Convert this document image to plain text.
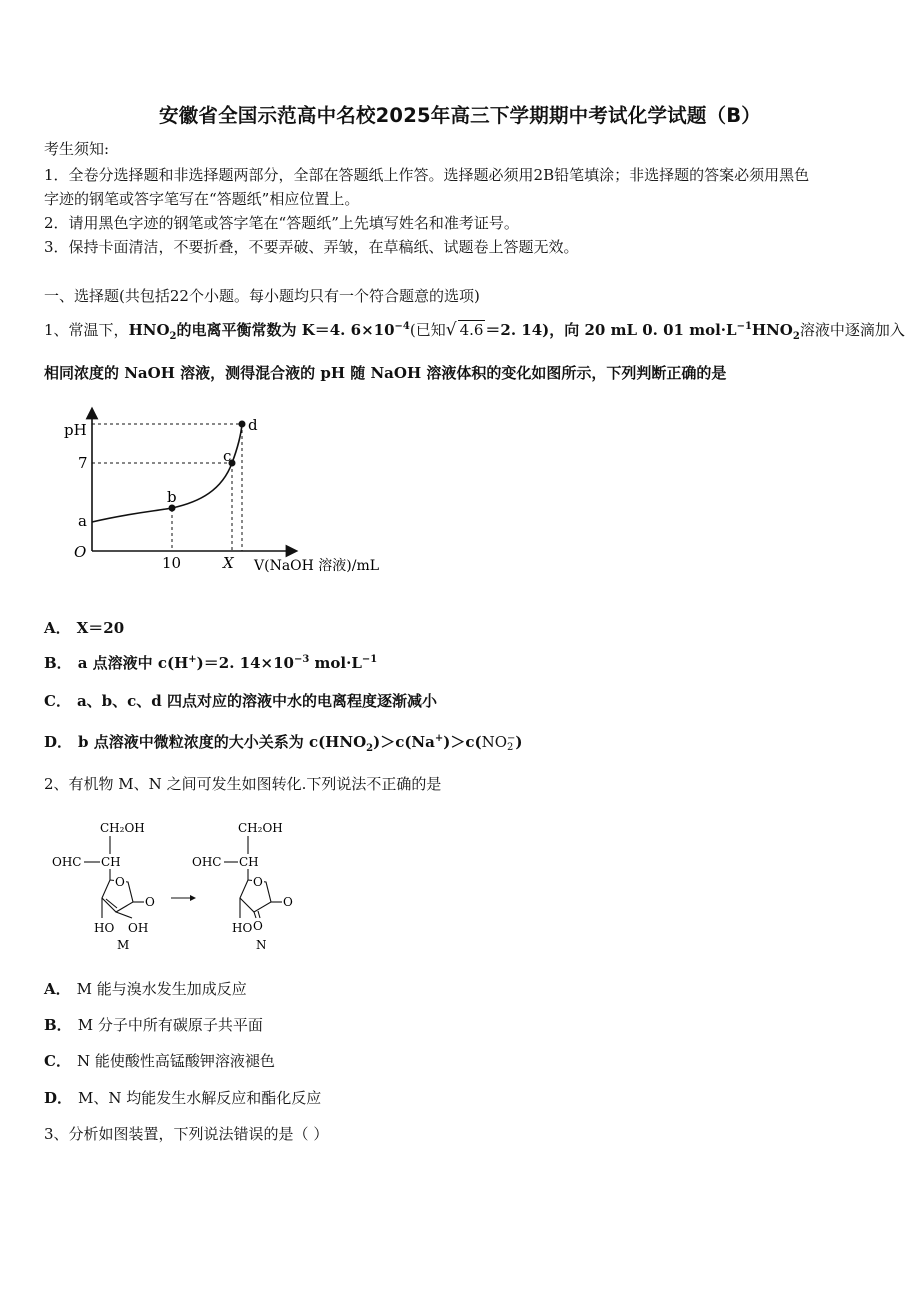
安徽省全国示范高中名校2025年高三下学期期中考试化学试题（B）
考生须知:
1．全卷分选择题和非选择题两部分，全部在答题纸上作答。选择题必须用2B铅笔填涂；非选择题的答案必须用黑色
字迹的钢笔或答字笔写在“答题纸”相应位置上。
2．请用黑色字迹的钢笔或答字笔在“答题纸”上先填写姓名和准考证号。
3．保持卡面清洁，不要折叠，不要弄破、弄皱，在草稿纸、试题卷上答题无效。
一、选择题(共包括22个小题。每小题均只有一个符合题意的选项)
1、常温下，$HNO_2$的电离平衡常数为 K＝4. $6\times 10^{-4}$(已知√ 4.6 ＝2. 14)，向 20 mL 0. 01 $mol\cdot L^{-1}HNO_2$溶液中逐滴加入
相同浓度的 NaOH 溶液，测得混合液的 pH 随 NaOH 溶液体积的变化如图所示，下列判断正确的是
pH
7
a
b
c
d
O
10	X V(NaOH 溶液)/mL
A． X＝20
B． a 点溶液中 c(H+)＝2. $14\times 10^{-3}$ $mol\cdot L^{-1}$
C． a、b、c、d 四点对应的溶液中水的电离程度逐渐减小
D． b 点溶液中微粒浓度的大小关系为 $c(HNO_2)>c(Na^+)>c(NO$ −
2 )
2、有机物 M、N 之间可发生如图转化.下列说法不正确的是
CH₂OH
OHC CH
O
O
HO OH
M
CH₂OH
OHC CH
O
O
HO O
N
A． M 能与溴水发生加成反应
B． M 分子中所有碳原子共平面
C． N 能使酸性高锰酸钾溶液褪色
D． M、N 均能发生水解反应和酯化反应
3、分析如图装置，下列说法错误的是（ ）
